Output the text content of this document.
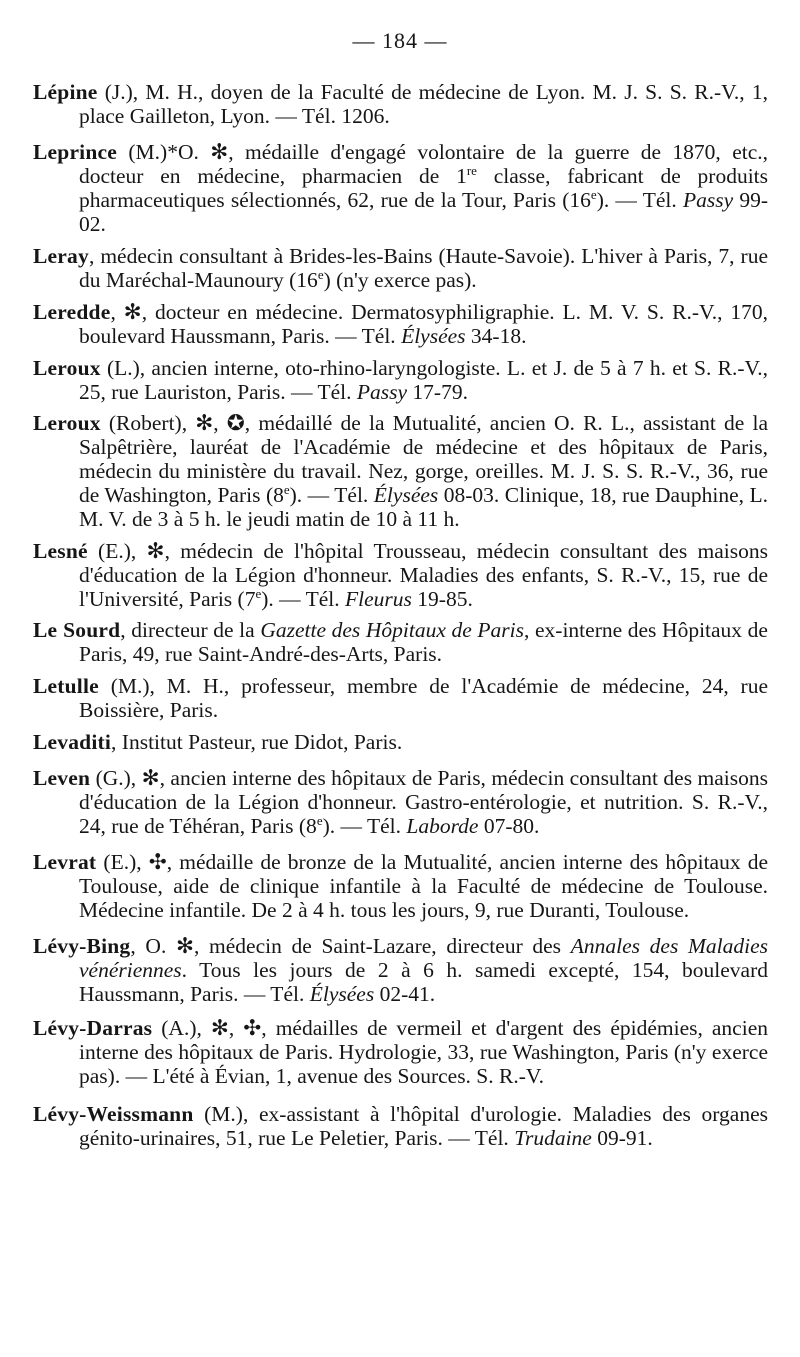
— 184 —

Lépine (J.), M. H., doyen de la Faculté de médecine de Lyon. M. J. S. S. R.-V., 1, place Gailleton, Lyon. — Tél. 1206.

Leprince (M.)*O. ✻, médaille d'engagé volontaire de la guerre de 1870, etc., docteur en médecine, pharmacien de 1re classe, fabricant de produits pharmaceutiques sélectionnés, 62, rue de la Tour, Paris (16e). — Tél. Passy 99-02.

Leray, médecin consultant à Brides-les-Bains (Haute-Savoie). L'hiver à Paris, 7, rue du Maréchal-Maunoury (16e) (n'y exerce pas).

Leredde, ✻, docteur en médecine. Dermatosyphiligraphie. L. M. V. S. R.-V., 170, boulevard Haussmann, Paris. — Tél. Élysées 34-18.

Leroux (L.), ancien interne, oto-rhino-laryngologiste. L. et J. de 5 à 7 h. et S. R.-V., 25, rue Lauriston, Paris. — Tél. Passy 17-79.

Leroux (Robert), ✻, ✪, médaillé de la Mutualité, ancien O. R. L., assistant de la Salpêtrière, lauréat de l'Académie de médecine et des hôpitaux de Paris, médecin du ministère du travail. Nez, gorge, oreilles. M. J. S. S. R.-V., 36, rue de Washington, Paris (8e). — Tél. Élysées 08-03. Clinique, 18, rue Dauphine, L. M. V. de 3 à 5 h. le jeudi matin de 10 à 11 h.

Lesné (E.), ✻, médecin de l'hôpital Trousseau, médecin consultant des maisons d'éducation de la Légion d'honneur. Maladies des enfants, S. R.-V., 15, rue de l'Université, Paris (7e). — Tél. Fleurus 19-85.

Le Sourd, directeur de la Gazette des Hôpitaux de Paris, ex-interne des Hôpitaux de Paris, 49, rue Saint-André-des-Arts, Paris.

Letulle (M.), M. H., professeur, membre de l'Académie de médecine, 24, rue Boissière, Paris.

Levaditi, Institut Pasteur, rue Didot, Paris.

Leven (G.), ✻, ancien interne des hôpitaux de Paris, médecin consultant des maisons d'éducation de la Légion d'honneur. Gastro-entérologie, et nutrition. S. R.-V., 24, rue de Téhéran, Paris (8e). — Tél. Laborde 07-80.

Levrat (E.), ✣, médaille de bronze de la Mutualité, ancien interne des hôpitaux de Toulouse, aide de clinique infantile à la Faculté de médecine de Toulouse. Médecine infantile. De 2 à 4 h. tous les jours, 9, rue Duranti, Toulouse.

Lévy-Bing, O. ✻, médecin de Saint-Lazare, directeur des Annales des Maladies vénériennes. Tous les jours de 2 à 6 h. samedi excepté, 154, boulevard Haussmann, Paris. — Tél. Élysées 02-41.

Lévy-Darras (A.), ✻, ✣, médailles de vermeil et d'argent des épidémies, ancien interne des hôpitaux de Paris. Hydrologie, 33, rue Washington, Paris (n'y exerce pas). — L'été à Évian, 1, avenue des Sources. S. R.-V.

Lévy-Weissmann (M.), ex-assistant à l'hôpital d'urologie. Maladies des organes génito-urinaires, 51, rue Le Peletier, Paris. — Tél. Trudaine 09-91.
